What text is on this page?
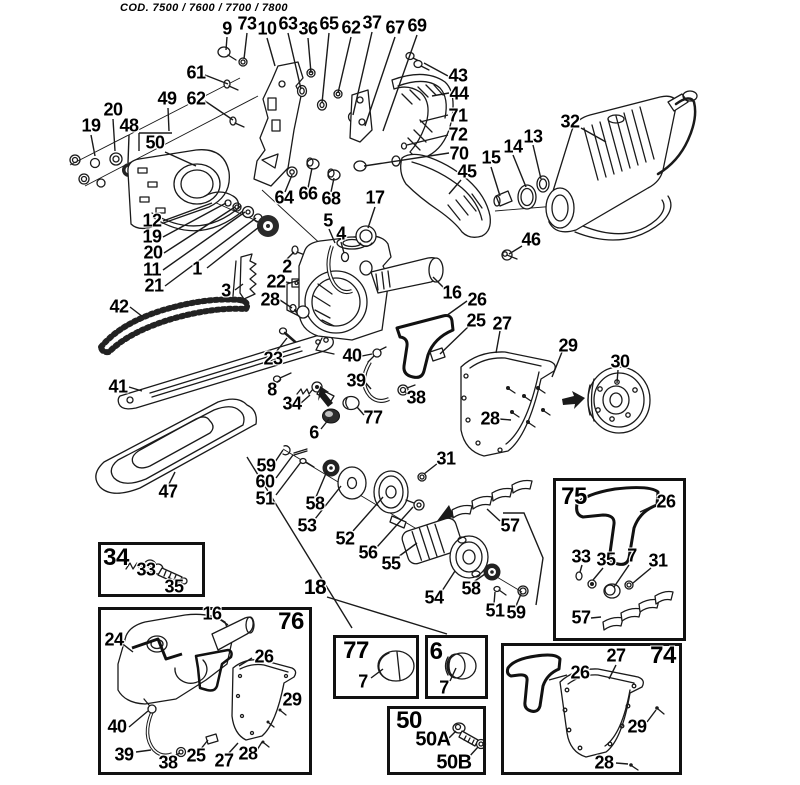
COD. 7500 / 7600 / 7700 / 7800
9 73 10 63 36 65 62 37 67 69
61
62
49
20
19 48
50
43
44
71
72
70
45
32
13
14
15
46
12
19
20
11
21
1
3
2
22
28
42
23
41	8
34
40
39
38
77
6
5
4
17
64 66 68
16 26
25 27
29
30
28
31
57
59
60
51 58
53
52
56
55
18	54 58
51 59
47
34 33
35
76
24
16
26
29
40
39 38 25 27 28
77
7
6
7
50
50A
50B
75	26
33 35 7 31
57
74
27
26
29
28
